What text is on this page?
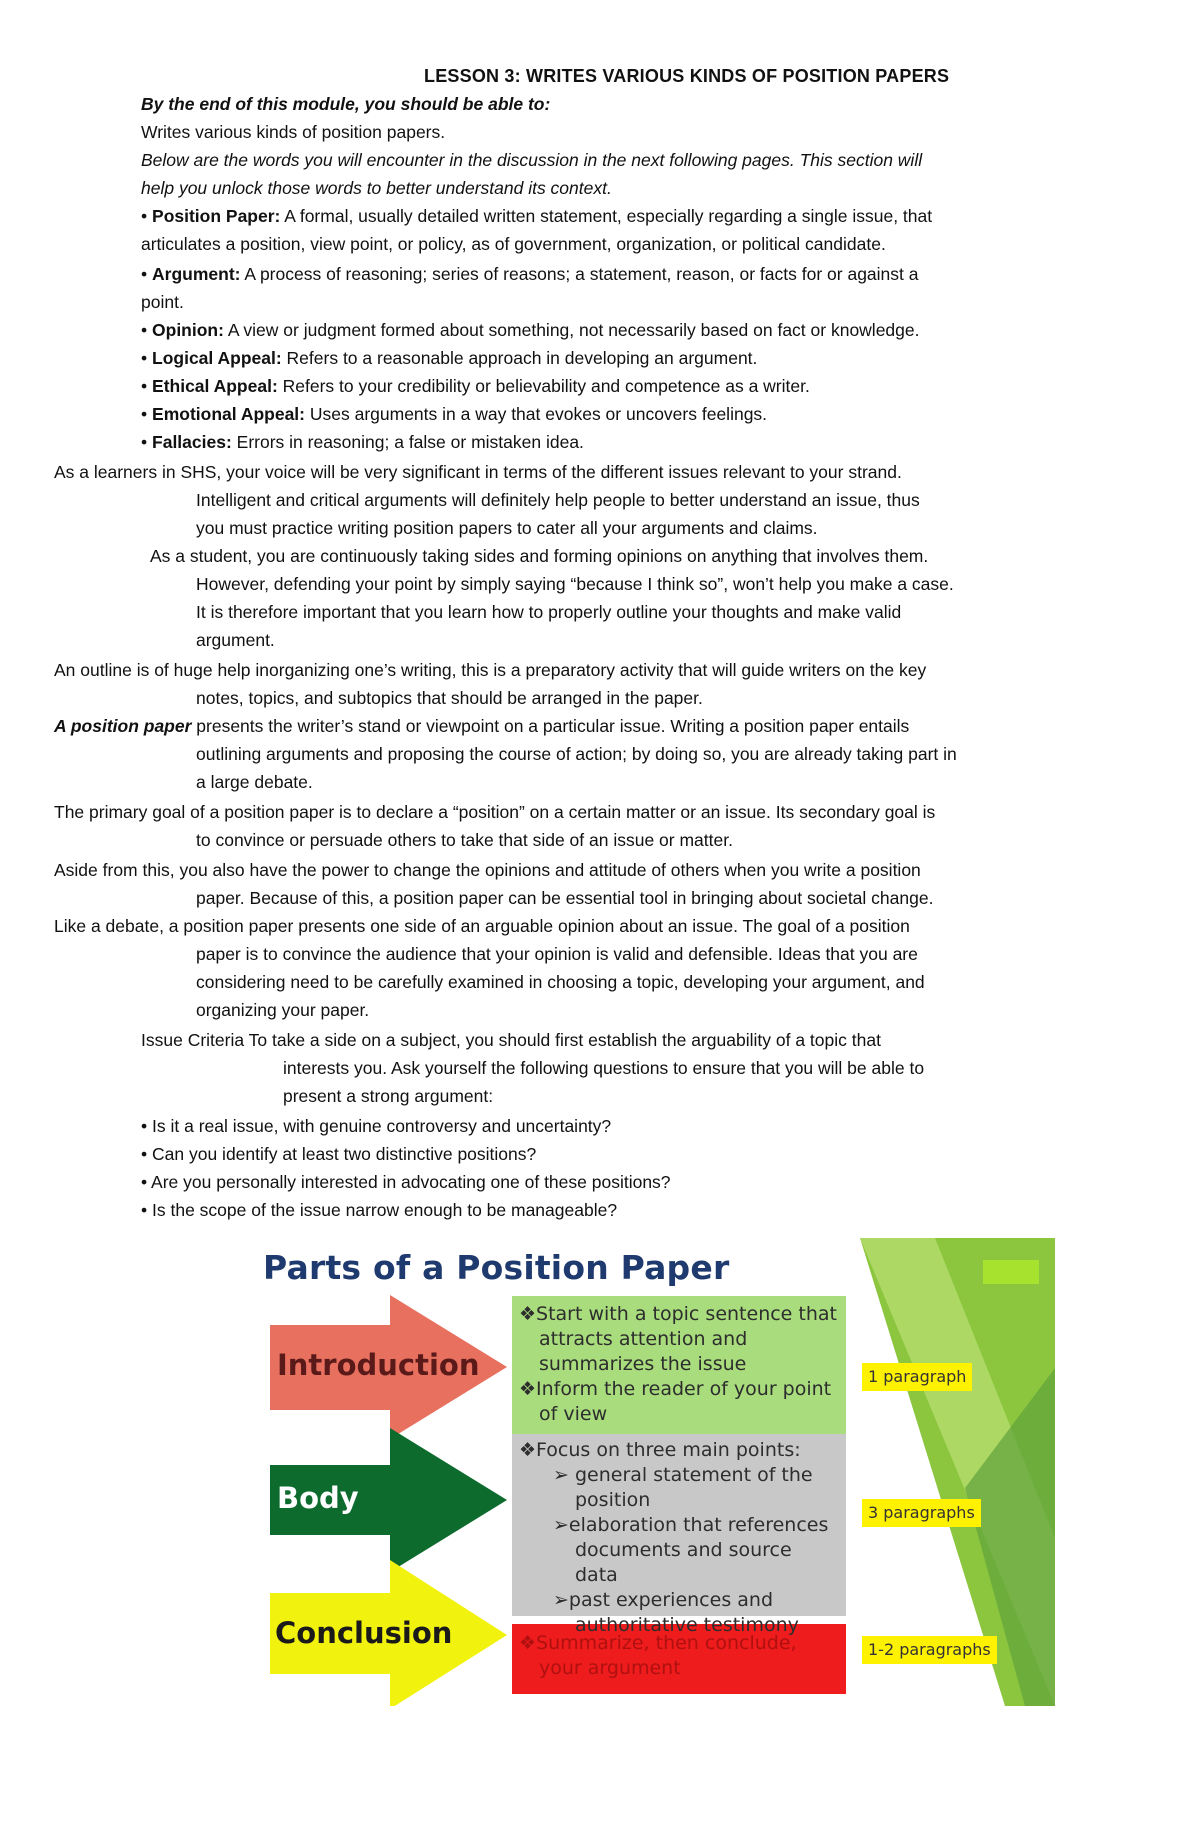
LESSON 3: WRITES VARIOUS KINDS OF POSITION PAPERS
By the end of this module, you should be able to:
Writes various kinds of position papers.
Below are the words you will encounter in the discussion in the next following pages. This section will
help you unlock those words to better understand its context.
• Position Paper: A formal, usually detailed written statement, especially regarding a single issue, that
articulates a position, view point, or policy, as of government, organization, or political candidate.
• Argument: A process of reasoning; series of reasons; a statement, reason, or facts for or against a
point.
• Opinion: A view or judgment formed about something, not necessarily based on fact or knowledge.
• Logical Appeal: Refers to a reasonable approach in developing an argument.
• Ethical Appeal: Refers to your credibility or believability and competence as a writer.
• Emotional Appeal: Uses arguments in a way that evokes or uncovers feelings.
• Fallacies: Errors in reasoning; a false or mistaken idea.
As a learners in SHS, your voice will be very significant in terms of the different issues relevant to your strand.
Intelligent and critical arguments will definitely help people to better understand an issue, thus
you must practice writing position papers to cater all your arguments and claims.
As a student, you are continuously taking sides and forming opinions on anything that involves them.
However, defending your point by simply saying “because I think so”, won’t help you make a case.
It is therefore important that you learn how to properly outline your thoughts and make valid
argument.
An outline is of huge help inorganizing one’s writing, this is a preparatory activity that will guide writers on the key
notes, topics, and subtopics that should be arranged in the paper.
A position paper presents the writer’s stand or viewpoint on a particular issue. Writing a position paper entails
outlining arguments and proposing the course of action; by doing so, you are already taking part in
a large debate.
The primary goal of a position paper is to declare a “position” on a certain matter or an issue. Its secondary goal is
to convince or persuade others to take that side of an issue or matter.
Aside from this, you also have the power to change the opinions and attitude of others when you write a position
paper. Because of this, a position paper can be essential tool in bringing about societal change.
Like a debate, a position paper presents one side of an arguable opinion about an issue. The goal of a position
paper is to convince the audience that your opinion is valid and defensible. Ideas that you are
considering need to be carefully examined in choosing a topic, developing your argument, and
organizing your paper.
Issue Criteria To take a side on a subject, you should first establish the arguability of a topic that
interests you. Ask yourself the following questions to ensure that you will be able to
present a strong argument:
• Is it a real issue, with genuine controversy and uncertainty?
• Can you identify at least two distinctive positions?
• Are you personally interested in advocating one of these positions?
• Is the scope of the issue narrow enough to be manageable?
Parts of a Position Paper
Introduction
Body
Conclusion
❖Start with a topic sentence that
attracts attention and
summarizes the issue
❖Inform the reader of your point
of view
❖Focus on three main points:
➢ general statement of the
position
➢elaboration that references
documents and source data
➢past experiences and
authoritative testimony
❖Summarize, then conclude,
your argument
1 paragraph
3 paragraphs
1-2 paragraphs
